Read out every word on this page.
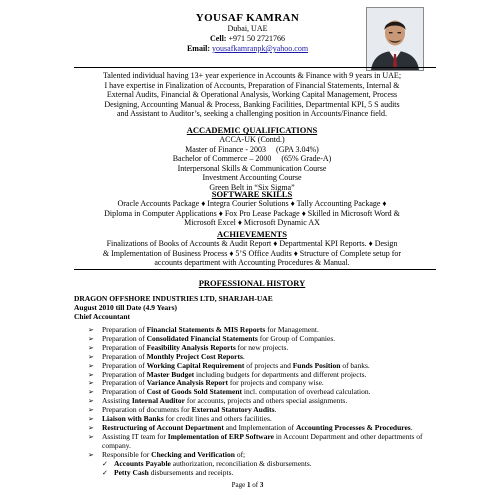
YOUSAF KAMRAN
Dubai, UAE
Cell: +971 50 2721766
Email: yousafkamranpk@yahoo.com
Talented individual having 13+ year experience in Accounts & Finance with 9 years in UAE;
I have expertise in Finalization of Accounts, Preparation of Financial Statements, Internal &
External Audits, Financial & Operational Analysis, Working Capital Management, Process
Designing, Accounting Manual & Process, Banking Facilities, Departmental KPI, 5 S audits
and Assistant to Auditor’s, seeking a challenging position in Accounts/Finance field.
ACCADEMIC QUALIFICATIONS
ACCA-UK (Contd.)
Master of Finance - 2003     (GPA 3.04%)
Bachelor of Commerce – 2000     (65% Grade-A)
Interpersonal Skills & Communication Course
Investment Accounting Course
Green Belt in “Six Sigma”
SOFTWARE SKILLS
Oracle Accounts Package ♦ Integra Courier Solutions ♦ Tally Accounting Package ♦
Diploma in Computer Applications ♦ Fox Pro Lease Package ♦ Skilled in Microsoft Word &
Microsoft Excel ♦ Microsoft Dynamic AX
ACHIEVEMENTS
Finalizations of Books of Accounts & Audit Report ♦ Departmental KPI Reports. ♦ Design
& Implementation of Business Process ♦ 5’S Office Audits ♦ Structure of Complete setup for
accounts department with Accounting Procedures & Manual.
PROFESSIONAL HISTORY
DRAGON OFFSHORE INDUSTRIES LTD, SHARJAH-UAE
August 2010 till Date (4.9 Years)
Chief Accountant
➢ Preparation of Financial Statements & MIS Reports for Management.
➢ Preparation of Consolidated Financial Statements for Group of Companies.
➢ Preparation of Feasibility Analysis Reports for new projects.
➢ Preparation of Monthly Project Cost Reports.
➢ Preparation of Working Capital Requirement of projects and Funds Position of banks.
➢ Preparation of Master Budget including budgets for departments and different projects.
➢ Preparation of Variance Analysis Report for projects and company wise.
➢ Preparation of Cost of Goods Sold Statement incl. computation of overhead calculation.
➢ Assisting Internal Auditor for accounts, projects and others special assignments.
➢ Preparation of documents for External Statutory Audits.
➢ Liaison with Banks for credit lines and others facilities.
➢ Restructuring of Account Department and Implementation of Accounting Processes & Procedures.
➢ Assisting IT team for Implementation of ERP Software in Account Department and other departments of company.
➢ Responsible for Checking and Verification of;
✓ Accounts Payable authorization, reconciliation & disbursements.
✓ Petty Cash disbursements and receipts.
Page 1 of 3
